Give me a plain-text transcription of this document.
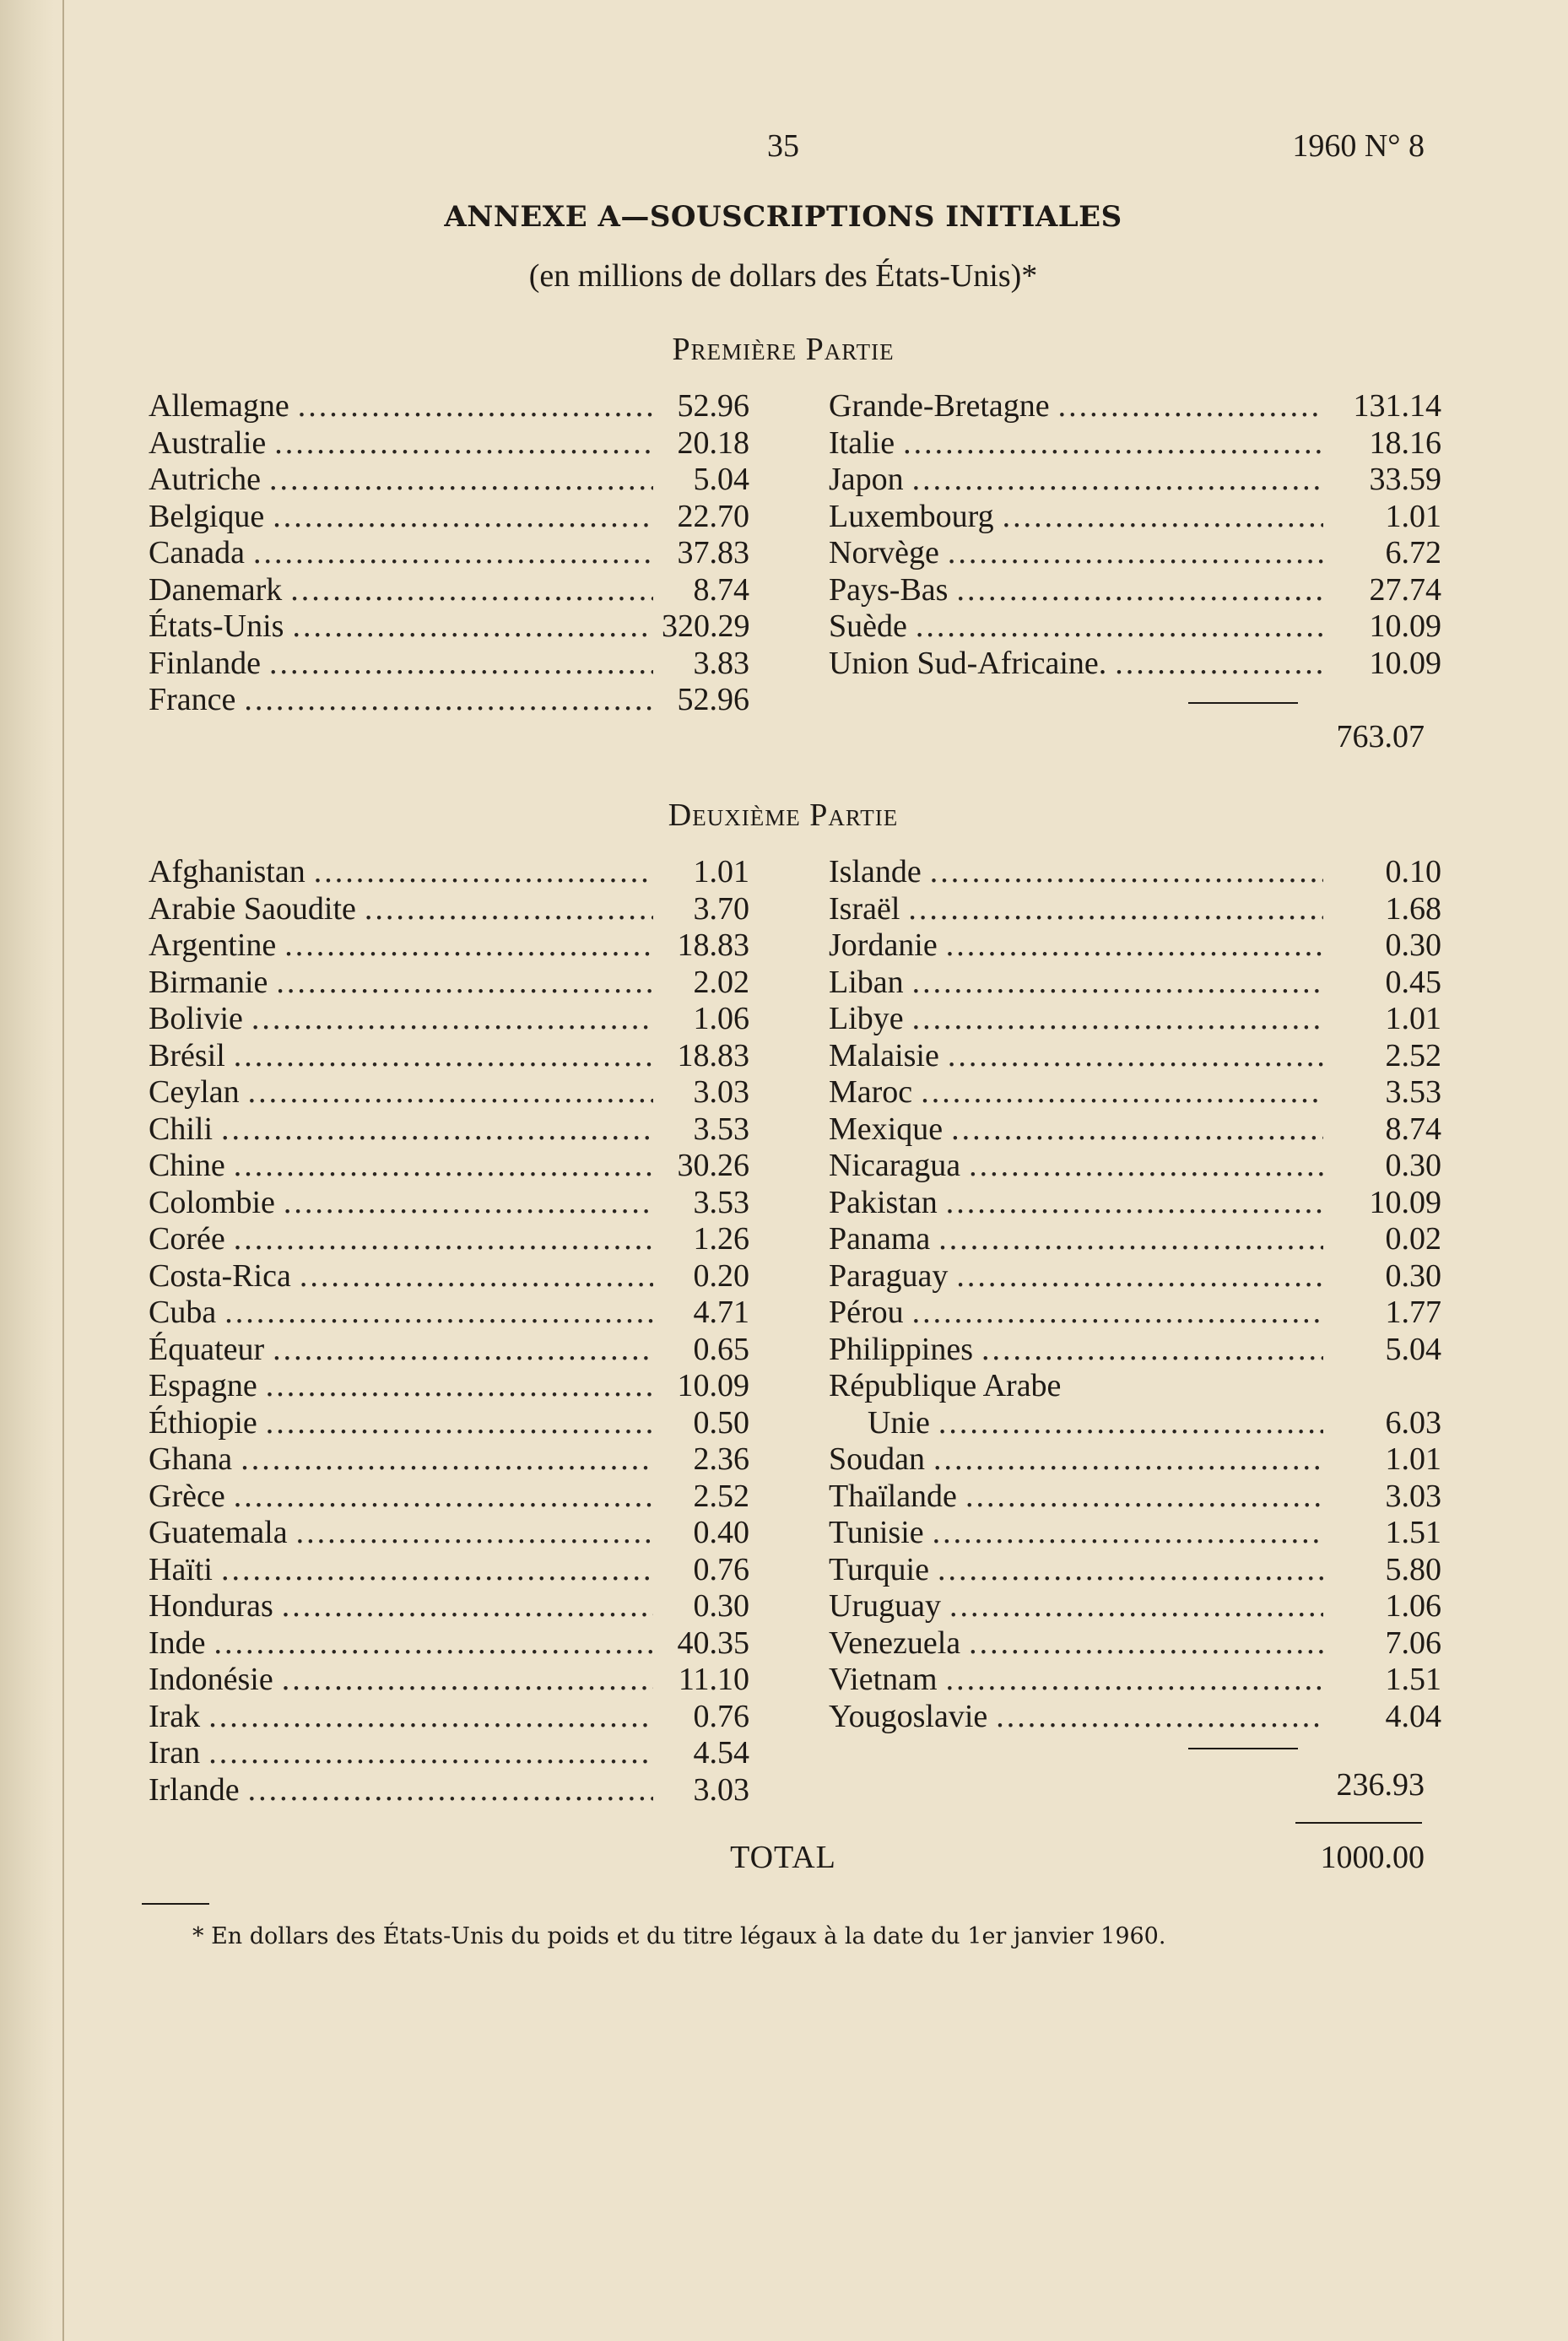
35	1960 N° 8
ANNEXE A—SOUSCRIPTIONS INITIALES
(en millions de dollars des États-Unis)*
Première Partie
Allemagne .....	52.96
Australie .....	20.18
Autriche .....	5.04
Belgique .....	22.70
Canada .....	37.83
Danemark .....	8.74
États-Unis .....	320.29
Finlande .....	3.83
France .....	52.96
Grande-Bretagne .....	131.14
Italie .....	18.16
Japon .....	33.59
Luxembourg .....	1.01
Norvège .....	6.72
Pays-Bas .....	27.74
Suède .....	10.09
Union Sud-Africaine. .....	10.09
763.07
Deuxième Partie
Afghanistan .....	1.01
Arabie Saoudite .....	3.70
Argentine .....	18.83
Birmanie .....	2.02
Bolivie .....	1.06
Brésil .....	18.83
Ceylan .....	3.03
Chili .....	3.53
Chine .....	30.26
Colombie .....	3.53
Corée .....	1.26
Costa-Rica .....	0.20
Cuba .....	4.71
Équateur .....	0.65
Espagne .....	10.09
Éthiopie .....	0.50
Ghana .....	2.36
Grèce .....	2.52
Guatemala .....	0.40
Haïti .....	0.76
Honduras .....	0.30
Inde .....	40.35
Indonésie .....	11.10
Irak .....	0.76
Iran .....	4.54
Irlande .....	3.03
Islande .....	0.10
Israël .....	1.68
Jordanie .....	0.30
Liban .....	0.45
Libye .....	1.01
Malaisie .....	2.52
Maroc .....	3.53
Mexique .....	8.74
Nicaragua .....	0.30
Pakistan .....	10.09
Panama .....	0.02
Paraguay .....	0.30
Pérou .....	1.77
Philippines .....	5.04
République Arabe
Unie .....	6.03
Soudan .....	1.01
Thaïlande .....	3.03
Tunisie .....	1.51
Turquie .....	5.80
Uruguay .....	1.06
Venezuela .....	7.06
Vietnam .....	1.51
Yougoslavie .....	4.04
236.93
TOTAL	1000.00
* En dollars des États-Unis du poids et du titre légaux à la date du 1er janvier 1960.
